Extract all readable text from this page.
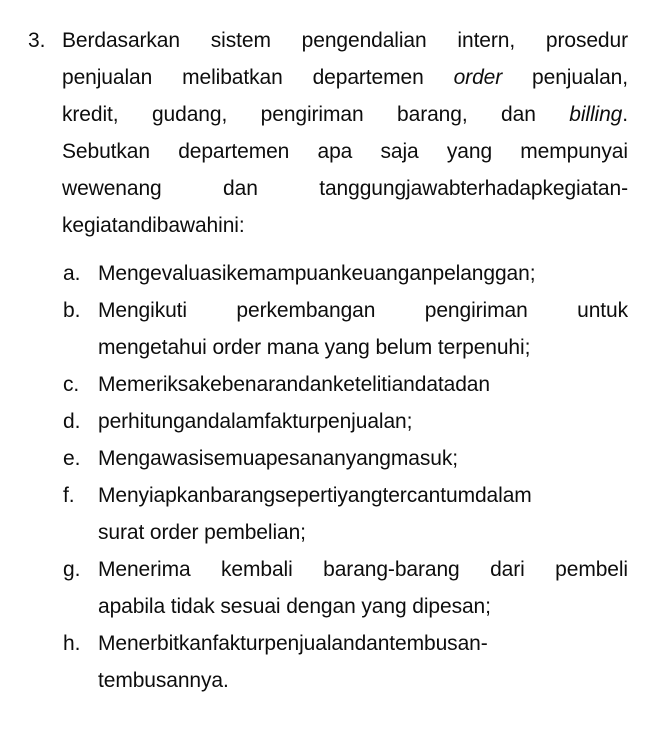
3. Berdasarkan sistem pengendalian intern, prosedur
penjualan melibatkan departemen order penjualan,
kredit, gudang, pengiriman barang, dan billing.
Sebutkan departemen apa saja yang mempunyai
wewenang	dan	tanggungjawabterhadapkegiatan-
kegiatandibawahini:
a. Mengevaluasikemampuankeuanganpelanggan;
b. Mengikuti perkembangan pengiriman untuk
mengetahui order mana yang belum terpenuhi;
c. Memeriksakebenarandanketelitiandatadan
d. perhitungandalamfakturpenjualan;
e. Mengawasisemuapesananyangmasuk;
f.	Menyiapkanbarangsepertiyangtercantumdalam
surat order pembelian;
g. Menerima kembali barang-barang dari pembeli
apabila tidak sesuai dengan yang dipesan;
h. Menerbitkanfakturpenjualandantembusan-
tembusannya.
